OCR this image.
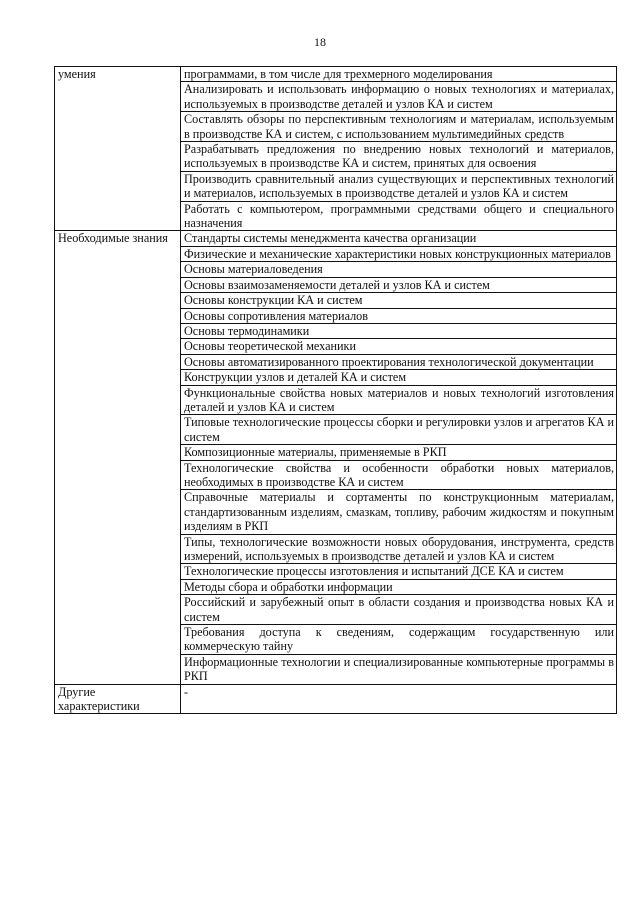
18
умения	программами, в том числе для трехмерного моделирования
	Анализировать и использовать информацию о новых технологиях и материалах, используемых в производстве деталей и узлов КА и систем
	Составлять обзоры по перспективным технологиям и материалам, используемым в производстве КА и систем, с использованием мультимедийных средств
	Разрабатывать предложения по внедрению новых технологий и материалов, используемых в производстве КА и систем, принятых для освоения
	Производить сравнительный анализ существующих и перспективных технологий и материалов, используемых в производстве деталей и узлов КА и систем
	Работать с компьютером, программными средствами общего и специального назначения
Необходимые знания	Стандарты системы менеджмента качества организации
	Физические и механические характеристики новых конструкционных материалов
	Основы материаловедения
	Основы взаимозаменяемости деталей и узлов КА и систем
	Основы конструкции КА и систем
	Основы сопротивления материалов
	Основы термодинамики
	Основы теоретической механики
	Основы автоматизированного проектирования технологической документации
	Конструкции узлов и деталей КА и систем
	Функциональные свойства новых материалов и новых технологий изготовления деталей и узлов КА и систем
	Типовые технологические процессы сборки и регулировки узлов и агрегатов КА и систем
	Композиционные материалы, применяемые в РКП
	Технологические свойства и особенности обработки новых материалов, необходимых в производстве КА и систем
	Справочные материалы и сортаменты по конструкционным материалам, стандартизованным изделиям, смазкам, топливу, рабочим жидкостям и покупным изделиям в РКП
	Типы, технологические возможности новых оборудования, инструмента, средств измерений, используемых в производстве деталей и узлов КА и систем
	Технологические процессы изготовления и испытаний ДСЕ КА и систем
	Методы сбора и обработки информации
	Российский и зарубежный опыт в области создания и производства новых КА и систем
	Требования доступа к сведениям, содержащим государственную или коммерческую тайну
	Информационные технологии и специализированные компьютерные программы в РКП
Другие характеристики	-
